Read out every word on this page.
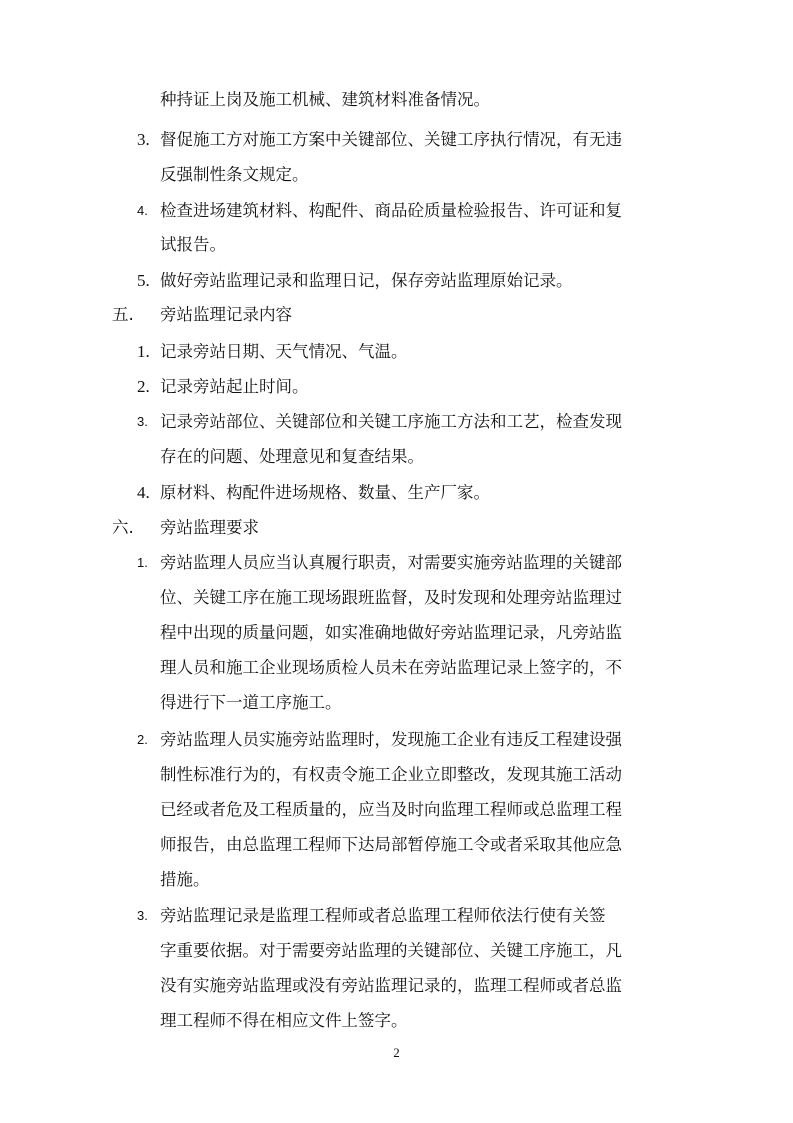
种持证上岗及施工机械、建筑材料准备情况。
3. 督促施工方对施工方案中关键部位、关键工序执行情况，有无违
反强制性条文规定。
4. 检查进场建筑材料、构配件、商品砼质量检验报告、许可证和复
试报告。
5. 做好旁站监理记录和监理日记，保存旁站监理原始记录。
五. 旁站监理记录内容
1. 记录旁站日期、天气情况、气温。
2. 记录旁站起止时间。
3. 记录旁站部位、关键部位和关键工序施工方法和工艺，检查发现
存在的问题、处理意见和复查结果。
4. 原材料、构配件进场规格、数量、生产厂家。
六. 旁站监理要求
1. 旁站监理人员应当认真履行职责，对需要实施旁站监理的关键部
位、关键工序在施工现场跟班监督，及时发现和处理旁站监理过
程中出现的质量问题，如实准确地做好旁站监理记录，凡旁站监
理人员和施工企业现场质检人员未在旁站监理记录上签字的，不
得进行下一道工序施工。
2. 旁站监理人员实施旁站监理时，发现施工企业有违反工程建设强
制性标准行为的，有权责令施工企业立即整改，发现其施工活动
已经或者危及工程质量的，应当及时向监理工程师或总监理工程
师报告，由总监理工程师下达局部暂停施工令或者采取其他应急
措施。
3. 旁站监理记录是监理工程师或者总监理工程师依法行使有关签
字重要依据。对于需要旁站监理的关键部位、关键工序施工，凡
没有实施旁站监理或没有旁站监理记录的，监理工程师或者总监
理工程师不得在相应文件上签字。
2
